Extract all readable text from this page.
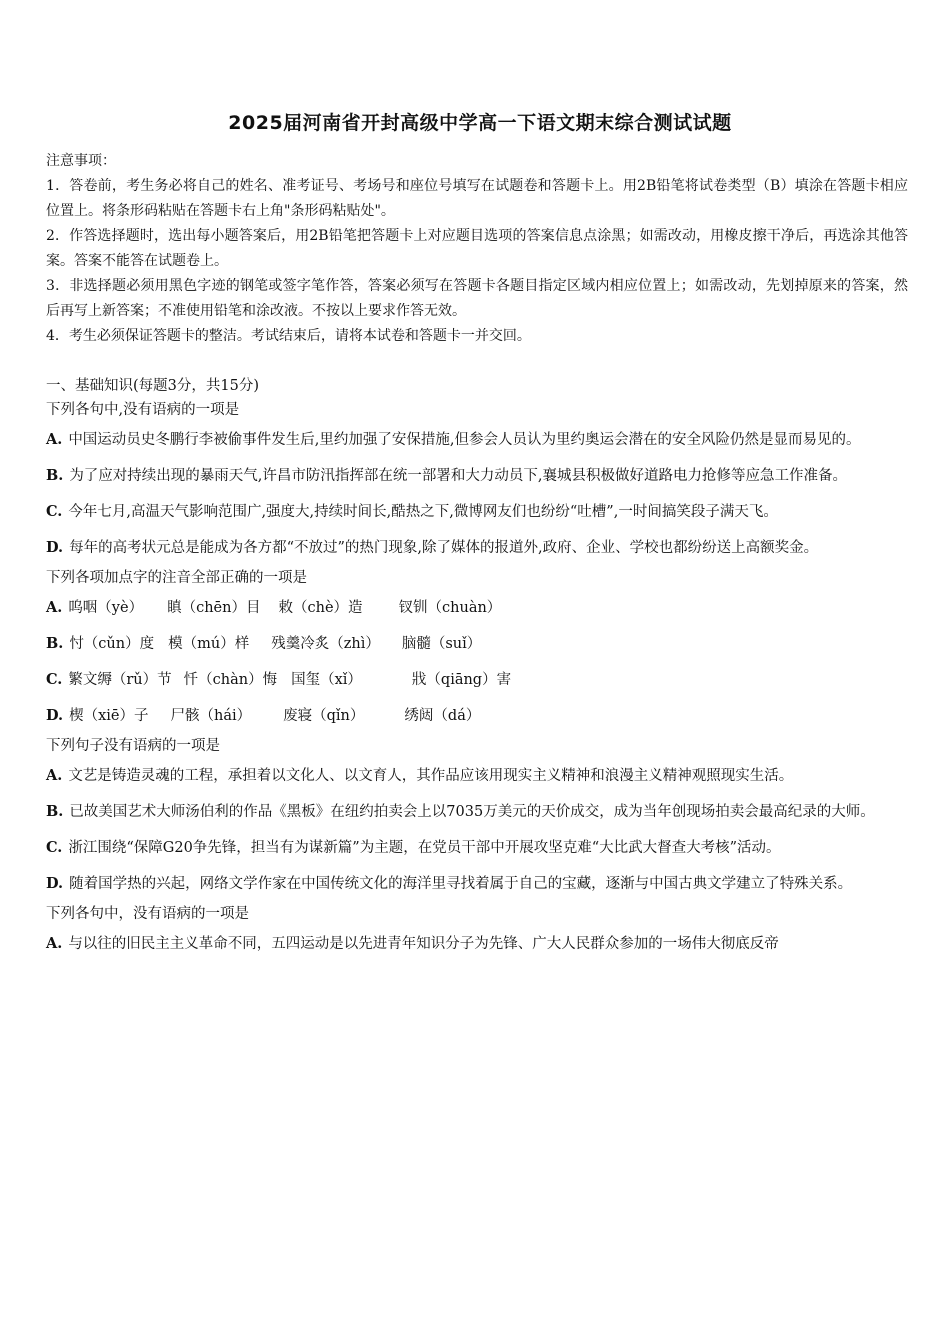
2025届河南省开封高级中学高一下语文期末综合测试试题

注意事项：

1．答卷前，考生务必将自己的姓名、准考证号、考场号和座位号填写在试题卷和答题卡上。用2B铅笔将试卷类型（B）填涂在答题卡相应位置上。将条形码粘贴在答题卡右上角"条形码粘贴处"。

2．作答选择题时，选出每小题答案后，用2B铅笔把答题卡上对应题目选项的答案信息点涂黑；如需改动，用橡皮擦干净后，再选涂其他答案。答案不能答在试题卷上。

3．非选择题必须用黑色字迹的钢笔或签字笔作答，答案必须写在答题卡各题目指定区域内相应位置上；如需改动，先划掉原来的答案，然后再写上新答案；不准使用铅笔和涂改液。不按以上要求作答无效。

4．考生必须保证答题卡的整洁。考试结束后，请将本试卷和答题卡一并交回。

一、基础知识(每题3分，共15分)

下列各句中,没有语病的一项是

A. 中国运动员史冬鹏行李被偷事件发生后,里约加强了安保措施,但参会人员认为里约奥运会潜在的安全风险仍然是显而易见的。

B. 为了应对持续出现的暴雨天气,许昌市防汛指挥部在统一部署和大力动员下,襄城县积极做好道路电力抢修等应急工作准备。

C. 今年七月,高温天气影响范围广,强度大,持续时间长,酷热之下,微博网友们也纷纷“吐槽”,一时间搞笑段子满天飞。

D. 每年的高考状元总是能成为各方都“不放过”的热门现象,除了媒体的报道外,政府、企业、学校也都纷纷送上高额奖金。

下列各项加点字的注音全部正确的一项是

A. 呜咽（yè） 瞋（chēn）目 敕（chè）造 钗钏（chuàn）

B. 忖（cǔn）度 模（mú）样 残羹冷炙（zhì） 脑髓（suǐ）

C. 繁文缛（rǔ）节 忏（chàn）悔 国玺（xǐ）	戕（qiāng）害

D. 楔（xiē）子 尸骸（hái） 废寝（qǐn）	绣闼（dá）

下列句子没有语病的一项是

A. 文艺是铸造灵魂的工程，承担着以文化人、以文育人，其作品应该用现实主义精神和浪漫主义精神观照现实生活。

B. 已故美国艺术大师汤伯利的作品《黑板》在纽约拍卖会上以7035万美元的天价成交，成为当年创现场拍卖会最高纪录的大师。

C. 浙江围绕“保障G20争先锋，担当有为谋新篇”为主题，在党员干部中开展攻坚克难“大比武大督查大考核”活动。

D. 随着国学热的兴起，网络文学作家在中国传统文化的海洋里寻找着属于自己的宝藏，逐渐与中国古典文学建立了特殊关系。

下列各句中，没有语病的一项是

A. 与以往的旧民主主义革命不同，五四运动是以先进青年知识分子为先锋、广大人民群众参加的一场伟大彻底反帝
